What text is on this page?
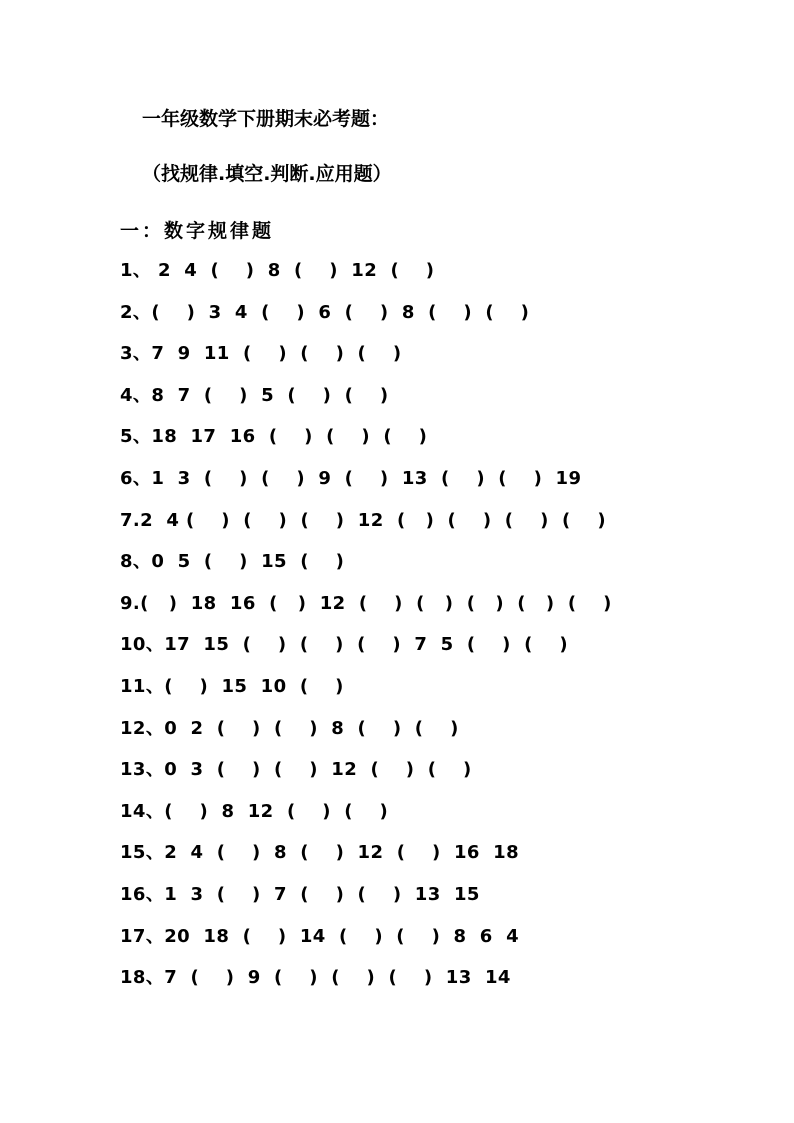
一年级数学下册期末必考题：
（找规律.填空.判断.应用题）
一：数字规律题
1、 2  4  (    )  8  (    )  12  (    )
2、(    )  3  4  (    )  6  (    )  8  (    )  (    )
3、7  9  11  (    )  (    )  (    )
4、8  7  (    )  5  (    )  (    )
5、18  17  16  (    )  (    )  (    )
6、1  3  (    )  (    )  9  (    )  13  (    )  (    )  19
7.2  4 (    )  (    )  (    )  12  (   )  (    )  (    )  (    )
8、0  5  (    )  15  (    )
9.(   )  18  16  (   )  12  (    )  (   )  (   )  (   )  (    )
10、17  15  (    )  (    )  (    )  7  5  (    )  (    )
11、(    )  15  10  (    )
12、0  2  (    )  (    )  8  (    )  (    )
13、0  3  (    )  (    )  12  (    )  (    )
14、(    )  8  12  (    )  (    )
15、2  4  (    )  8  (    )  12  (    )  16  18
16、1  3  (    )  7  (    )  (    )  13  15
17、20  18  (    )  14  (    )  (    )  8  6  4
18、7  (    )  9  (    )  (    )  (    )  13  14
